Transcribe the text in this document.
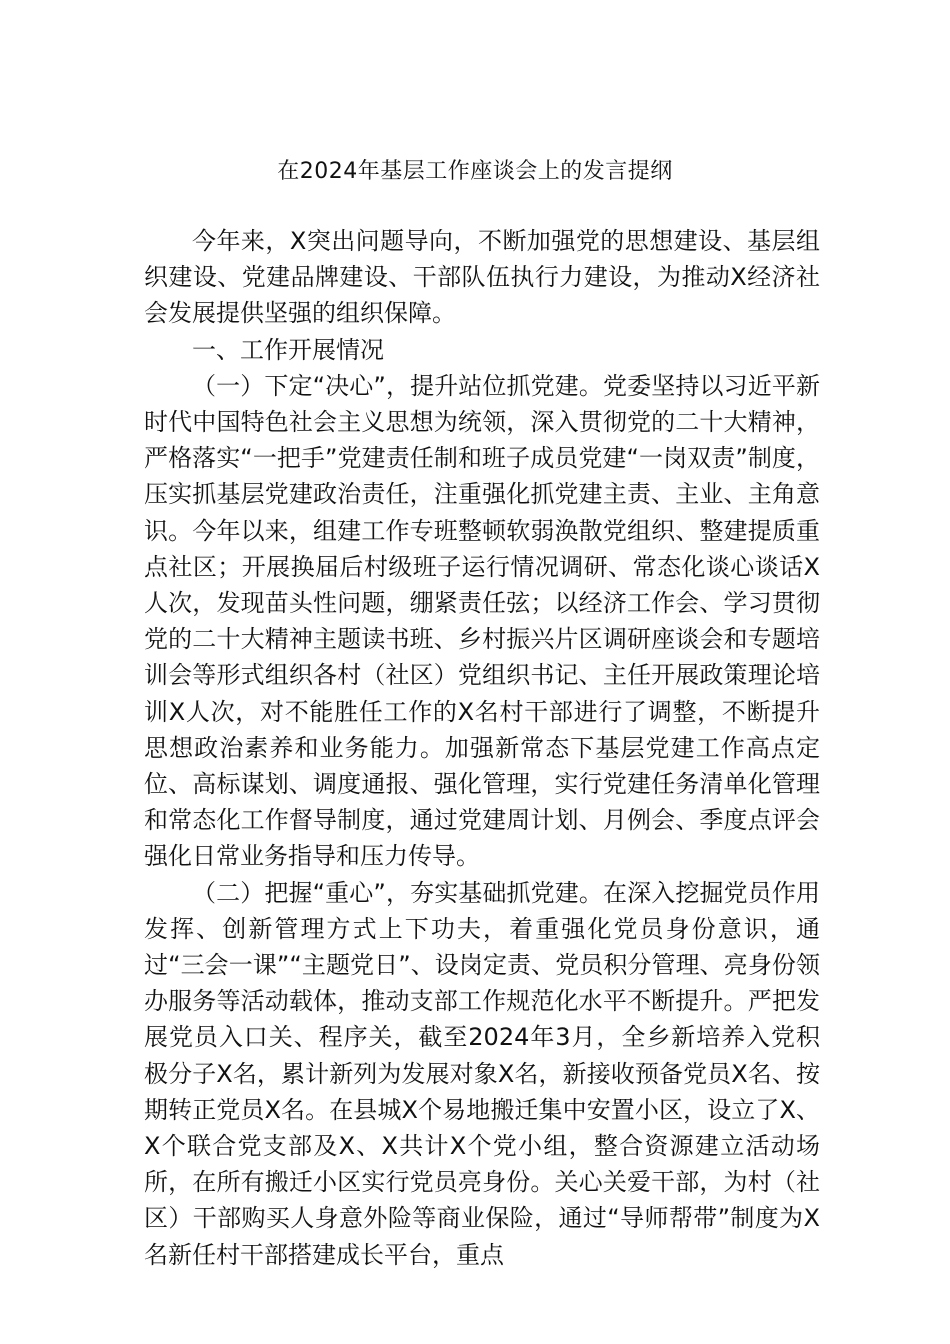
在2024年基层工作座谈会上的发言提纲

今年来，X突出问题导向，不断加强党的思想建设、基层组织建设、党建品牌建设、干部队伍执行力建设，为推动X经济社会发展提供坚强的组织保障。

一、工作开展情况

（一）下定“决心”，提升站位抓党建。党委坚持以习近平新时代中国特色社会主义思想为统领，深入贯彻党的二十大精神，严格落实“一把手”党建责任制和班子成员党建“一岗双责”制度，压实抓基层党建政治责任，注重强化抓党建主责、主业、主角意识。今年以来，组建工作专班整顿软弱涣散党组织、整建提质重点社区；开展换届后村级班子运行情况调研、常态化谈心谈话X人次，发现苗头性问题，绷紧责任弦；以经济工作会、学习贯彻党的二十大精神主题读书班、乡村振兴片区调研座谈会和专题培训会等形式组织各村（社区）党组织书记、主任开展政策理论培训X人次，对不能胜任工作的X名村干部进行了调整，不断提升思想政治素养和业务能力。加强新常态下基层党建工作高点定位、高标谋划、调度通报、强化管理，实行党建任务清单化管理和常态化工作督导制度，通过党建周计划、月例会、季度点评会强化日常业务指导和压力传导。

（二）把握“重心”，夯实基础抓党建。在深入挖掘党员作用发挥、创新管理方式上下功夫，着重强化党员身份意识，通过“三会一课”“主题党日”、设岗定责、党员积分管理、亮身份领办服务等活动载体，推动支部工作规范化水平不断提升。严把发展党员入口关、程序关，截至2024年3月，全乡新培养入党积极分子X名，累计新列为发展对象X名，新接收预备党员X名、按期转正党员X名。在县城X个易地搬迁集中安置小区，设立了X、X个联合党支部及X、X共计X个党小组，整合资源建立活动场所，在所有搬迁小区实行党员亮身份。关心关爱干部，为村（社区）干部购买人身意外险等商业保险，通过“导师帮带”制度为X名新任村干部搭建成长平台，重点
